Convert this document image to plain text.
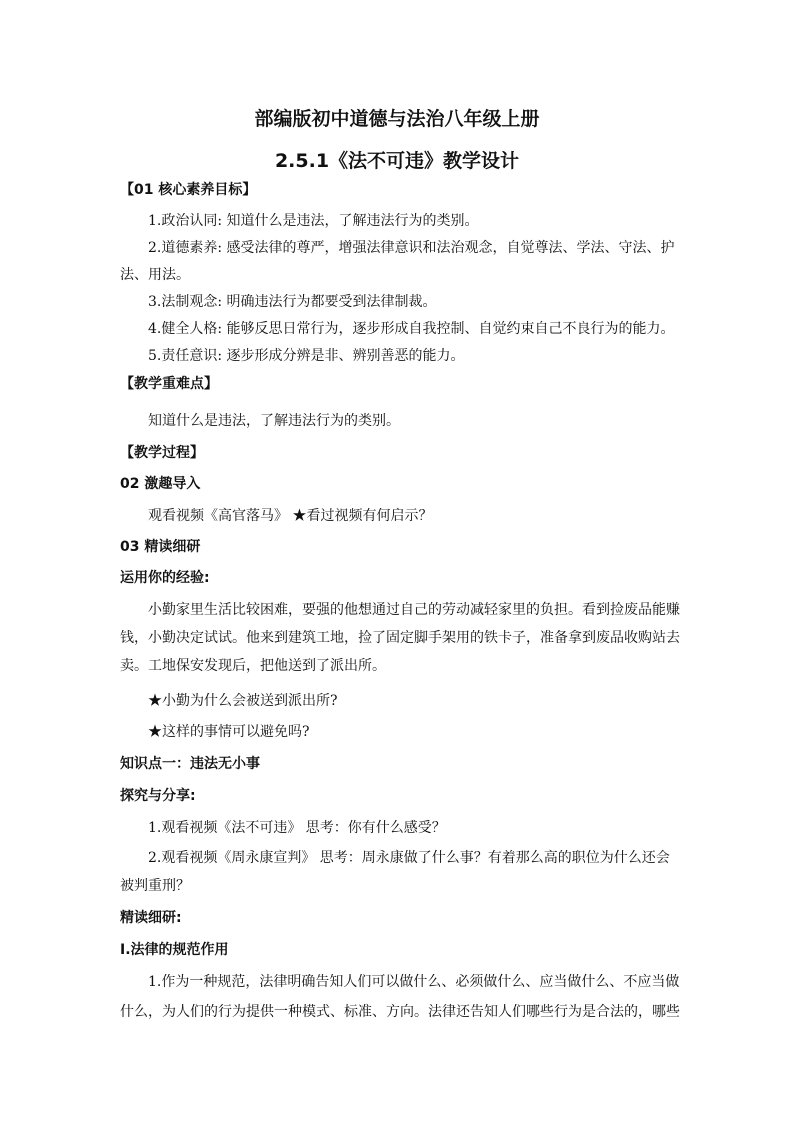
部编版初中道德与法治八年级上册
2.5.1《法不可违》教学设计
【01 核心素养目标】
1.政治认同: 知道什么是违法，了解违法行为的类别。
2.道德素养: 感受法律的尊严，增强法律意识和法治观念，自觉尊法、学法、守法、护
法、用法。
3.法制观念: 明确违法行为都要受到法律制裁。
4.健全人格: 能够反思日常行为，逐步形成自我控制、自觉约束自己不良行为的能力。
5.责任意识: 逐步形成分辨是非、辨别善恶的能力。
【教学重难点】
知道什么是违法，了解违法行为的类别。
【教学过程】
02 激趣导入
观看视频《高官落马》 ★看过视频有何启示？
03 精读细研
运用你的经验:
小勤家里生活比较困难，要强的他想通过自己的劳动减轻家里的负担。看到捡废品能赚
钱，小勤决定试试。他来到建筑工地，捡了固定脚手架用的铁卡子，准备拿到废品收购站去
卖。工地保安发现后，把他送到了派出所。
★小勤为什么会被送到派出所?
★这样的事情可以避免吗?
知识点一：违法无小事
探究与分享:
1.观看视频《法不可违》 思考：你有什么感受？
2.观看视频《周永康宣判》 思考：周永康做了什么事？有着那么高的职位为什么还会
被判重刑？
精读细研:
Ⅰ.法律的规范作用
1.作为一种规范，法律明确告知人们可以做什么、必须做什么、应当做什么、不应当做
什么，为人们的行为提供一种模式、标准、方向。法律还告知人们哪些行为是合法的，哪些
